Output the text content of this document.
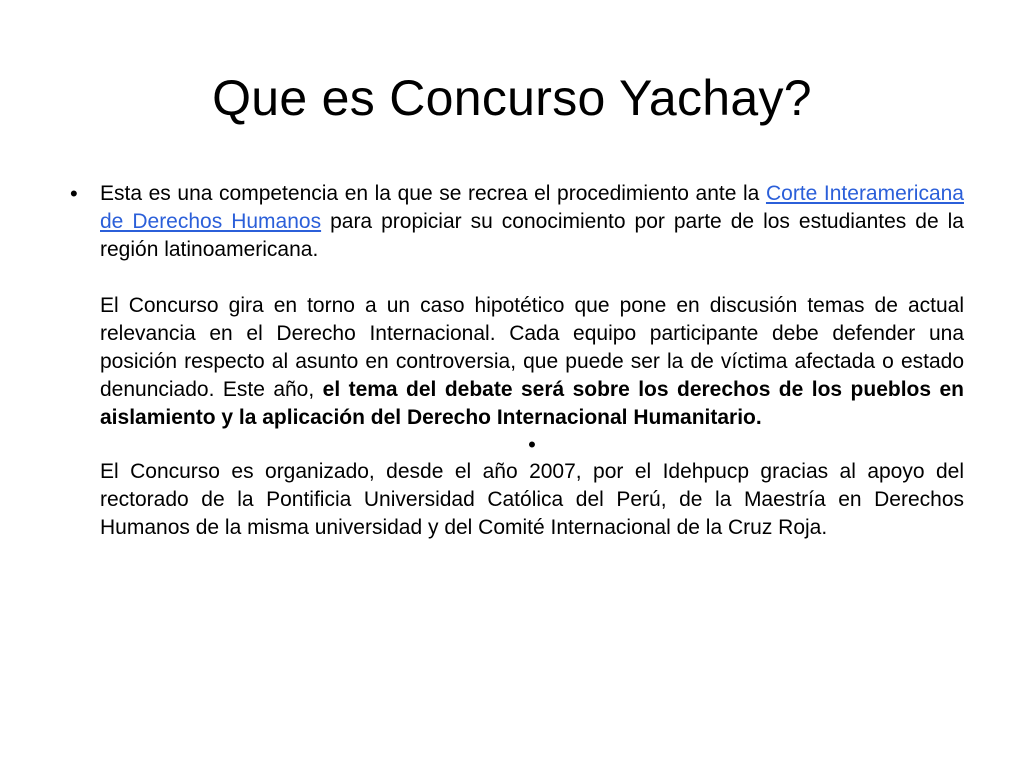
Que es Concurso Yachay?
• Esta es una competencia en la que se recrea el procedimiento ante la Corte Interamericana de Derechos Humanos para propiciar su conocimiento por parte de los estudiantes de la región latinoamericana.

El Concurso gira en torno a un caso hipotético que pone en discusión temas de actual relevancia en el Derecho Internacional. Cada equipo participante debe defender una posición respecto al asunto en controversia, que puede ser la de víctima afectada o estado denunciado. Este año, el tema del debate será sobre los derechos de los pueblos en aislamiento y la aplicación del Derecho Internacional Humanitario.

•

El Concurso es organizado, desde el año 2007, por el Idehpucp gracias al apoyo del rectorado de la Pontificia Universidad Católica del Perú, de la Maestría en Derechos Humanos de la misma universidad y del Comité Internacional de la Cruz Roja.
